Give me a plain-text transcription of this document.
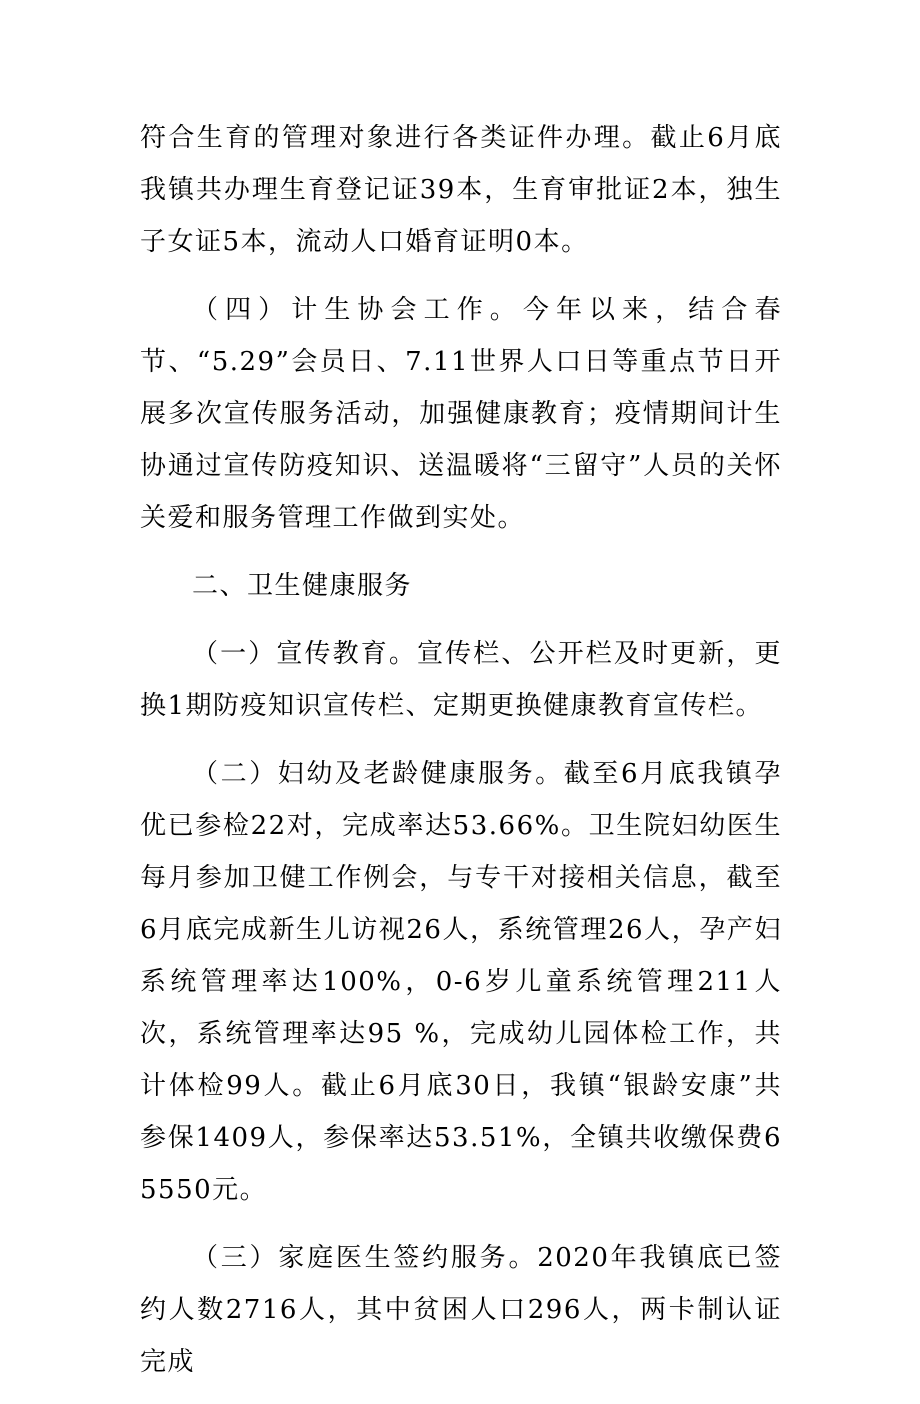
符合生育的管理对象进行各类证件办理。截止6月底我镇共办理生育登记证39本，生育审批证2本，独生子女证5本，流动人口婚育证明0本。

（四）计生协会工作。今年以来，结合春节、“5.29”会员日、7.11世界人口日等重点节日开展多次宣传服务活动，加强健康教育；疫情期间计生协通过宣传防疫知识、送温暖将“三留守”人员的关怀关爱和服务管理工作做到实处。

二、卫生健康服务

（一）宣传教育。宣传栏、公开栏及时更新，更换1期防疫知识宣传栏、定期更换健康教育宣传栏。

（二）妇幼及老龄健康服务。截至6月底我镇孕优已参检22对，完成率达53.66%。卫生院妇幼医生每月参加卫健工作例会，与专干对接相关信息，截至6月底完成新生儿访视26人，系统管理26人，孕产妇系统管理率达100%，0-6岁儿童系统管理211人次，系统管理率达95 %，完成幼儿园体检工作，共计体检99人。截止6月底30日，我镇“银龄安康”共参保1409人，参保率达53.51%，全镇共收缴保费65550元。

（三）家庭医生签约服务。2020年我镇底已签约人数2716人，其中贫困人口296人，两卡制认证完成
